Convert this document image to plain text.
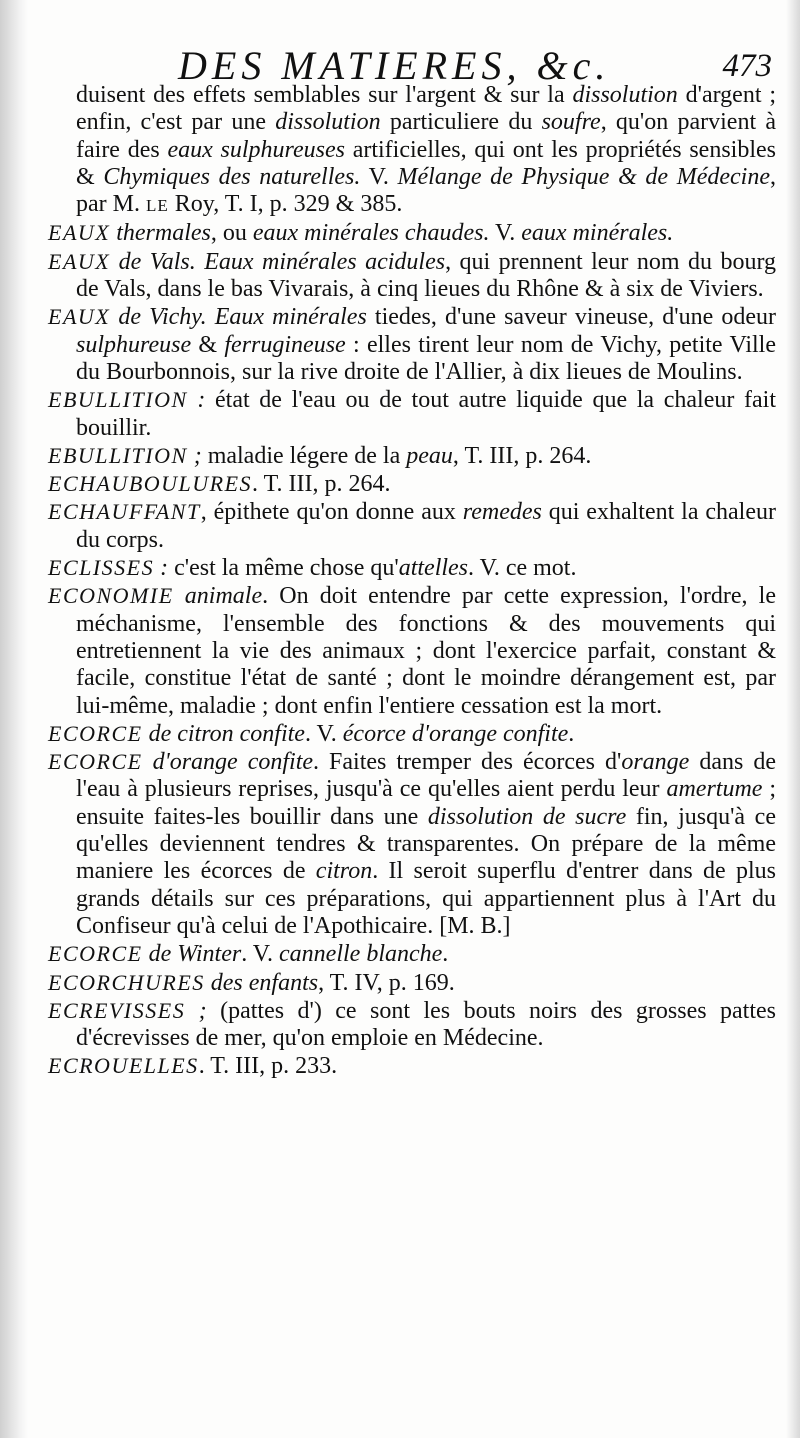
DES MATIERES, &c.	473

duisent des effets semblables sur l'argent & sur la dissolution d'argent ; enfin, c'est par une dissolution particuliere du soufre, qu'on parvient à faire des eaux sulphureuses artificielles, qui ont les propriétés sensibles & Chymiques des naturelles. V. Mélange de Physique & de Médecine, par M. LE Roy, T. I, p. 329 & 385.

EAUX thermales, ou eaux minérales chaudes. V. eaux minérales.

EAUX de Vals. Eaux minérales acidules, qui prennent leur nom du bourg de Vals, dans le bas Vivarais, à cinq lieues du Rhône & à six de Viviers.

EAUX de Vichy. Eaux minérales tiedes, d'une saveur vineuse, d'une odeur sulphureuse & ferrugineuse : elles tirent leur nom de Vichy, petite Ville du Bourbonnois, sur la rive droite de l'Allier, à dix lieues de Moulins.

EBULLITION : état de l'eau ou de tout autre liquide que la chaleur fait bouillir.

EBULLITION ; maladie légere de la peau, T. III, p. 264.

ECHAUBOULURES. T. III, p. 264.

ECHAUFFANT, épithete qu'on donne aux remedes qui exhaltent la chaleur du corps.

ECLISSES : c'est la même chose qu'attelles. V. ce mot.

ECONOMIE animale. On doit entendre par cette expression, l'ordre, le méchanisme, l'ensemble des fonctions & des mouvements qui entretiennent la vie des animaux ; dont l'exercice parfait, constant & facile, constitue l'état de santé ; dont le moindre dérangement est, par lui-même, maladie ; dont enfin l'entiere cessation est la mort.

ECORCE de citron confite. V. écorce d'orange confite.

ECORCE d'orange confite. Faites tremper des écorces d'orange dans de l'eau à plusieurs reprises, jusqu'à ce qu'elles aient perdu leur amertume ; ensuite faites-les bouillir dans une dissolution de sucre fin, jusqu'à ce qu'elles deviennent tendres & transparentes. On prépare de la même maniere les écorces de citron. Il seroit superflu d'entrer dans de plus grands détails sur ces préparations, qui appartiennent plus à l'Art du Confiseur qu'à celui de l'Apothicaire. [M. B.]

ECORCE de Winter. V. cannelle blanche.

ECORCHURES des enfants, T. IV, p. 169.

ECREVISSES ; (pattes d') ce sont les bouts noirs des grosses pattes d'écrevisses de mer, qu'on emploie en Médecine.

ECROUELLES. T. III, p. 233.
